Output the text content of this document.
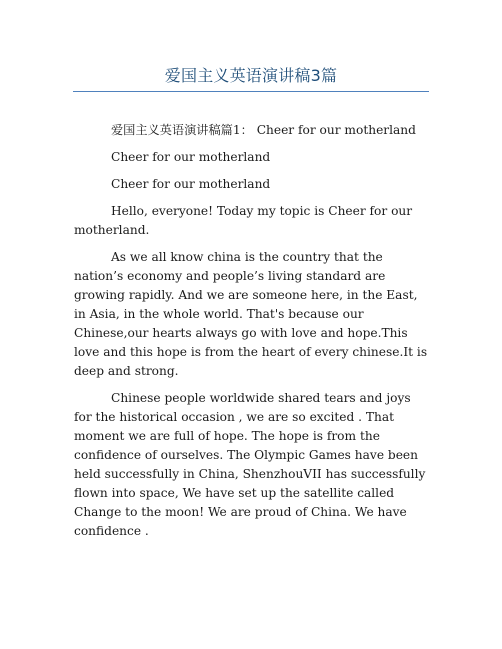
爱国主义英语演讲稿3篇

爱国主义英语演讲稿篇1： Cheer for our motherland

Cheer for our motherland

Cheer for our motherland

Hello, everyone! Today my topic is Cheer for our motherland.

As we all know china is the country that the nation’s economy and people’s living standard are growing rapidly. And we are someone here, in the East, in Asia, in the whole world. That's because our Chinese,our hearts always go with love and hope.This love and this hope is from the heart of every chinese.It is deep and strong.

Chinese people worldwide shared tears and joys for the historical occasion , we are so excited . That moment we are full of hope. The hope is from the confidence of ourselves. The Olympic Games have been held successfully in China, ShenzhouVII has successfully flown into space, We have set up the satellite called Change to the moon! We are proud of China. We have confidence .
